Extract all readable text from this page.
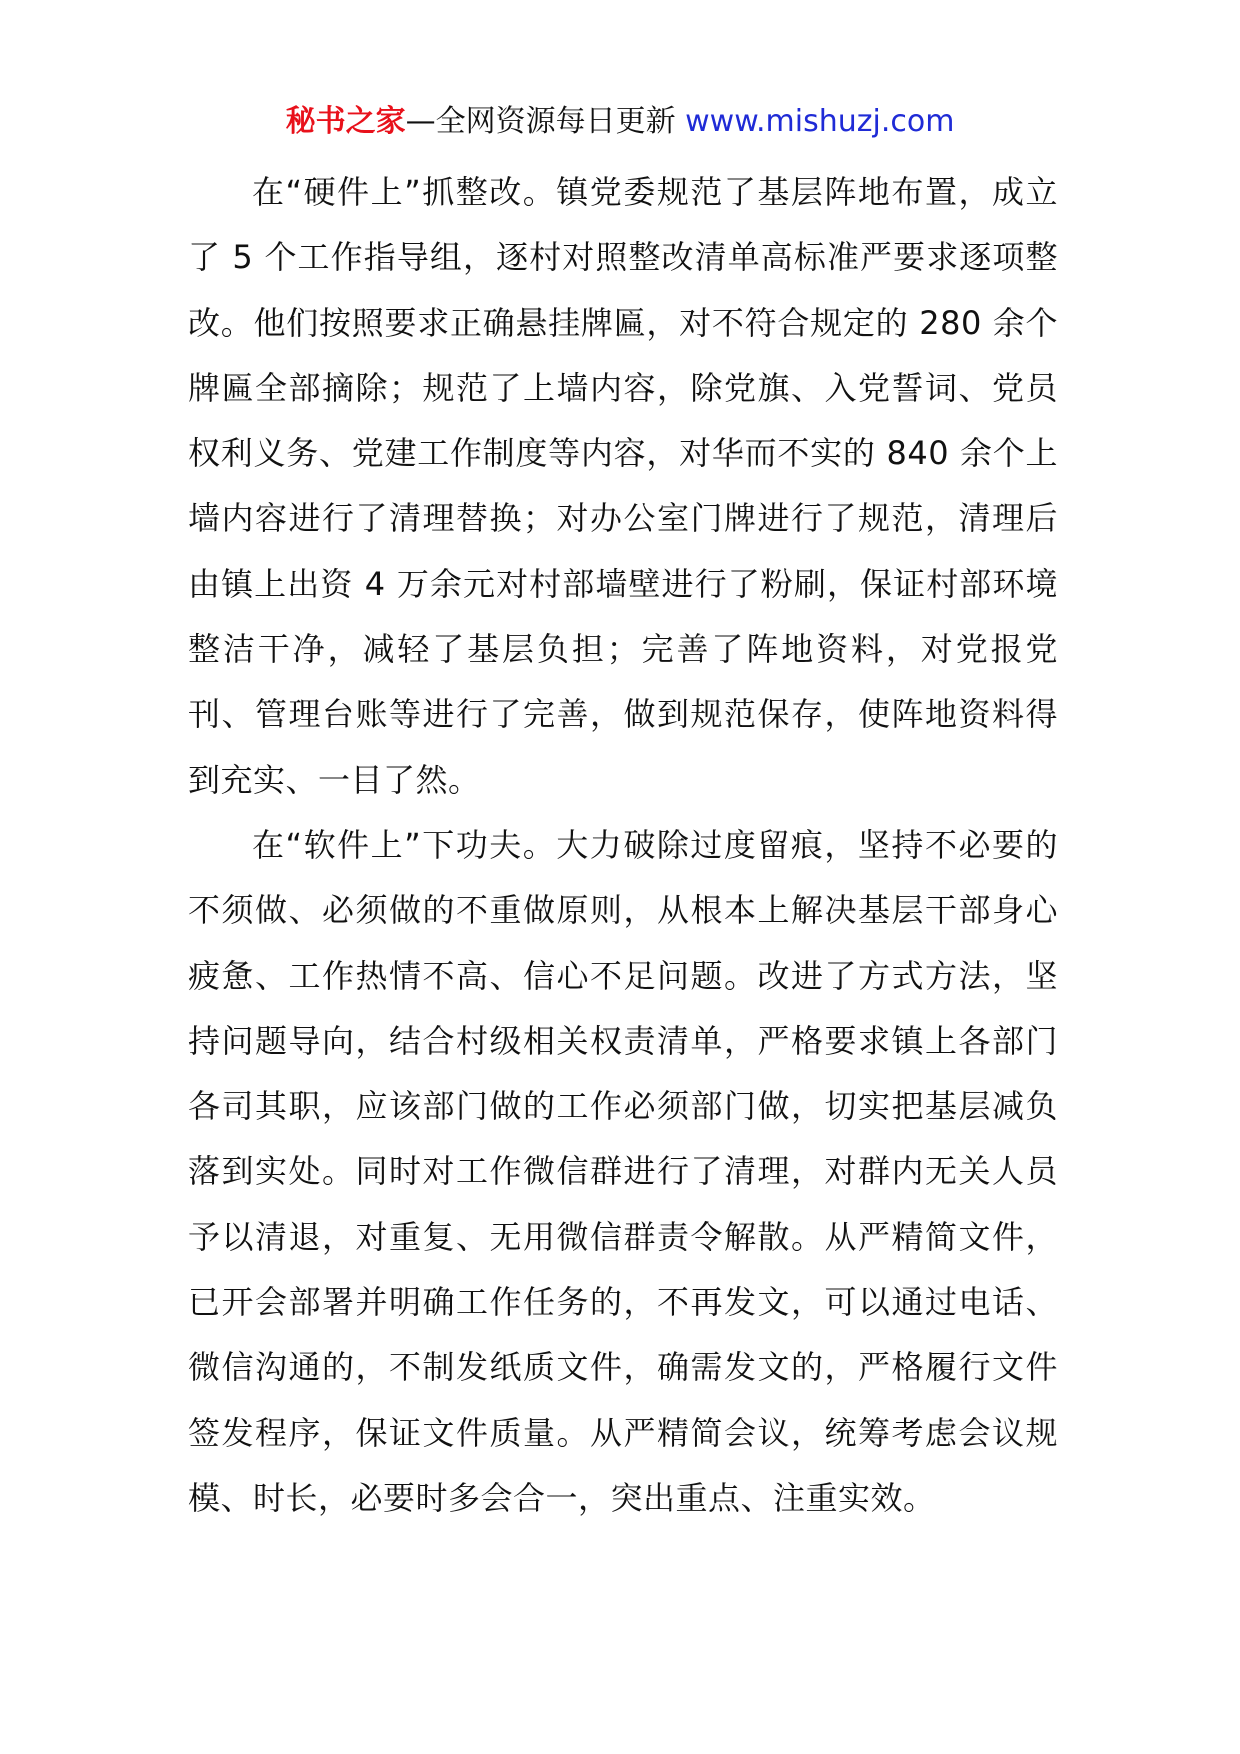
秘书之家—全网资源每日更新 www.mishuzj.com

在“硬件上”抓整改。镇党委规范了基层阵地布置，成立了 5 个工作指导组，逐村对照整改清单高标准严要求逐项整改。他们按照要求正确悬挂牌匾，对不符合规定的 280 余个牌匾全部摘除；规范了上墙内容，除党旗、入党誓词、党员权利义务、党建工作制度等内容，对华而不实的 840 余个上墙内容进行了清理替换；对办公室门牌进行了规范，清理后由镇上出资 4 万余元对村部墙壁进行了粉刷，保证村部环境整洁干净，减轻了基层负担；完善了阵地资料，对党报党刊、管理台账等进行了完善，做到规范保存，使阵地资料得到充实、一目了然。

在“软件上”下功夫。大力破除过度留痕，坚持不必要的不须做、必须做的不重做原则，从根本上解决基层干部身心疲惫、工作热情不高、信心不足问题。改进了方式方法，坚持问题导向，结合村级相关权责清单，严格要求镇上各部门各司其职，应该部门做的工作必须部门做，切实把基层减负落到实处。同时对工作微信群进行了清理，对群内无关人员予以清退，对重复、无用微信群责令解散。从严精简文件，已开会部署并明确工作任务的，不再发文，可以通过电话、微信沟通的，不制发纸质文件，确需发文的，严格履行文件签发程序，保证文件质量。从严精简会议，统筹考虑会议规模、时长，必要时多会合一，突出重点、注重实效。
